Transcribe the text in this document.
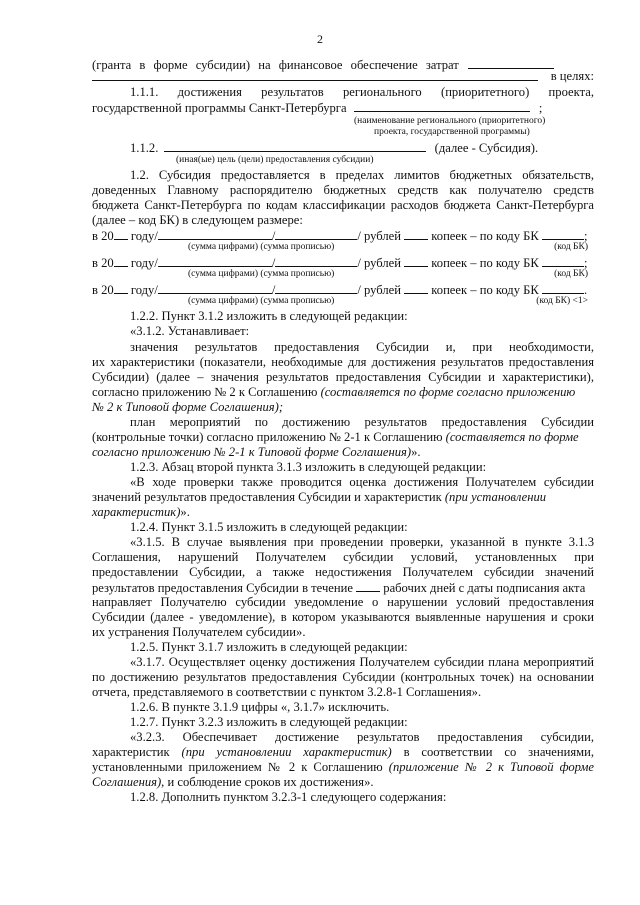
2
(гранта в форме субсидии) на финансовое обеспечение затрат
в целях:
1.1.1. достижения результатов регионального (приоритетного) проекта,
государственной программы Санкт-Петербурга	;
(наименование регионального (приоритетного)
проекта, государственной программы)
1.1.2.	(далее - Субсидия).
(иная(ые) цель (цели) предоставления субсидии)
1.2. Субсидия предоставляется в пределах лимитов бюджетных обязательств,
доведенных Главному распорядителю бюджетных средств как получателю средств
бюджета Санкт-Петербурга по кодам классификации расходов бюджета Санкт-Петербурга
(далее – код БК) в следующем размере:
в 20 году/	/	/ рублей копеек – по коду БК	;
(сумма цифрами) (сумма прописью)	(код БК)
в 20 году/	/	/ рублей копеек – по коду БК	;
(сумма цифрами) (сумма прописью)	(код БК)
в 20 году/	/	/ рублей копеек – по коду БК	.
(сумма цифрами) (сумма прописью)	(код БК) <1>
1.2.2. Пункт 3.1.2 изложить в следующей редакции:
«3.1.2. Устанавливает:
значения результатов предоставления Субсидии и, при необходимости,
их характеристики (показатели, необходимые для достижения результатов предоставления
Субсидии) (далее – значения результатов предоставления Субсидии и характеристики),
согласно приложению № 2 к Соглашению (составляется по форме согласно приложению
№ 2 к Типовой форме Соглашения);
план мероприятий по достижению результатов предоставления Субсидии
(контрольные точки) согласно приложению № 2-1 к Соглашению (составляется по форме
согласно приложению № 2-1 к Типовой форме Соглашения)».
1.2.3. Абзац второй пункта 3.1.3 изложить в следующей редакции:
«В ходе проверки также проводится оценка достижения Получателем субсидии
значений результатов предоставления Субсидии и характеристик (при установлении
характеристик)».
1.2.4. Пункт 3.1.5 изложить в следующей редакции:
«3.1.5. В случае выявления при проведении проверки, указанной в пункте 3.1.3
Соглашения, нарушений Получателем субсидии условий, установленных при
предоставлении Субсидии, а также недостижения Получателем субсидии значений
результатов предоставления Субсидии в течение рабочих дней с даты подписания акта
направляет Получателю субсидии уведомление о нарушении условий предоставления
Субсидии (далее - уведомление), в котором указываются выявленные нарушения и сроки
их устранения Получателем субсидии».
1.2.5. Пункт 3.1.7 изложить в следующей редакции:
«3.1.7. Осуществляет оценку достижения Получателем субсидии плана мероприятий
по достижению результатов предоставления Субсидии (контрольных точек) на основании
отчета, представляемого в соответствии с пунктом 3.2.8-1 Соглашения».
1.2.6. В пункте 3.1.9 цифры «, 3.1.7» исключить.
1.2.7. Пункт 3.2.3 изложить в следующей редакции:
«3.2.3. Обеспечивает достижение результатов предоставления субсидии,
характеристик (при установлении характеристик) в соответствии со значениями,
установленными приложением № 2 к Соглашению (приложение № 2 к Типовой форме
Соглашения), и соблюдение сроков их достижения».
1.2.8. Дополнить пунктом 3.2.3-1 следующего содержания:
